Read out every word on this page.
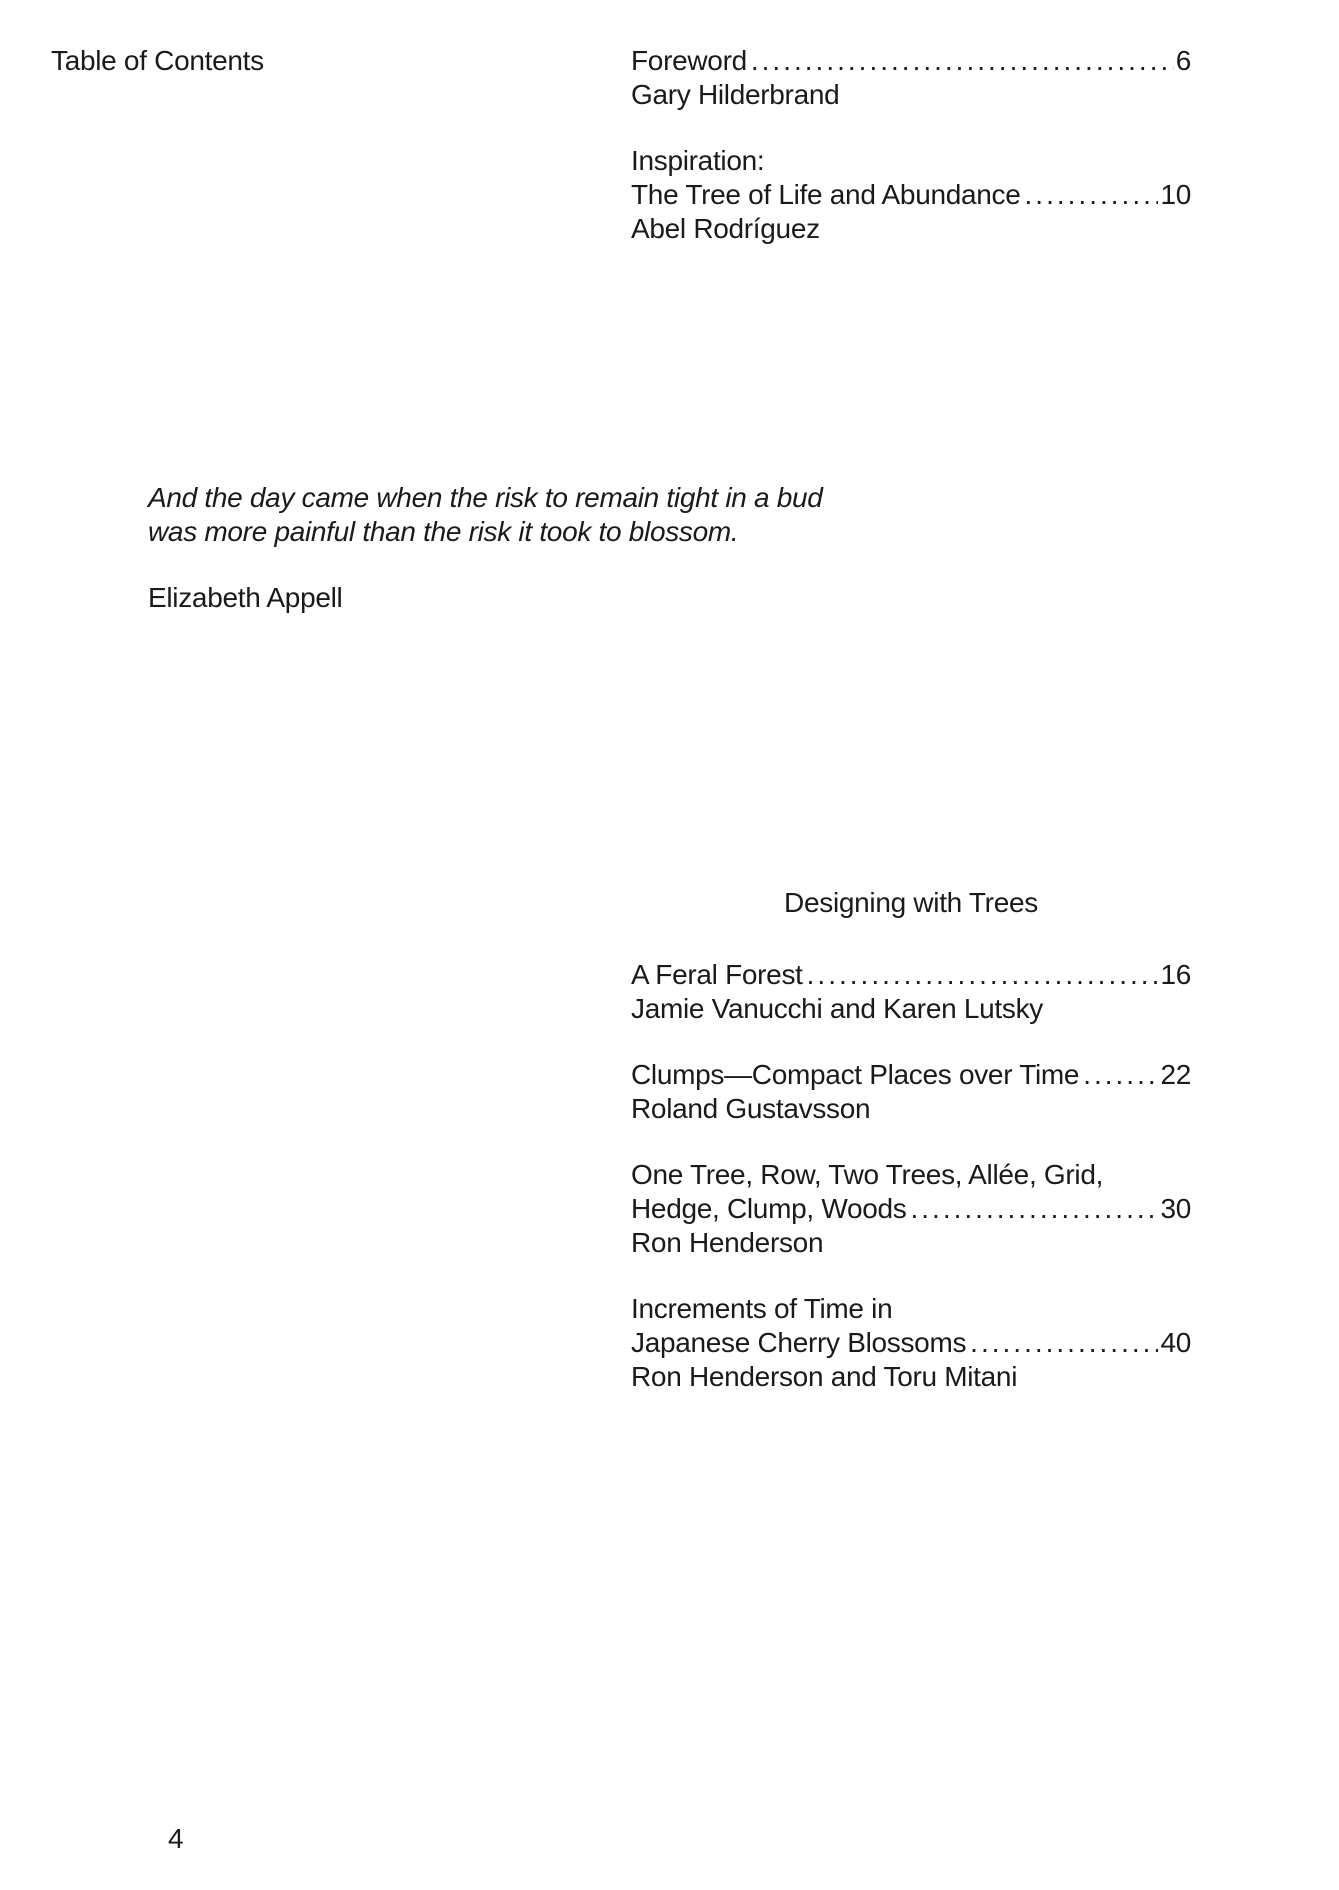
Table of Contents	Foreword .....	6
Gary Hilderbrand
Inspiration:
The Tree of Life and Abundance .....	10
Abel Rodríguez
And the day came when the risk to remain tight in a bud
was more painful than the risk it took to blossom.
Elizabeth Appell
Designing with Trees
A Feral Forest .....	16
Jamie Vanucchi and Karen Lutsky
Clumps—Compact Places over Time .....	22
Roland Gustavsson
One Tree, Row, Two Trees, Allée, Grid,
Hedge, Clump, Woods .....	30
Ron Henderson
Increments of Time in
Japanese Cherry Blossoms .....	40
Ron Henderson and Toru Mitani
4
